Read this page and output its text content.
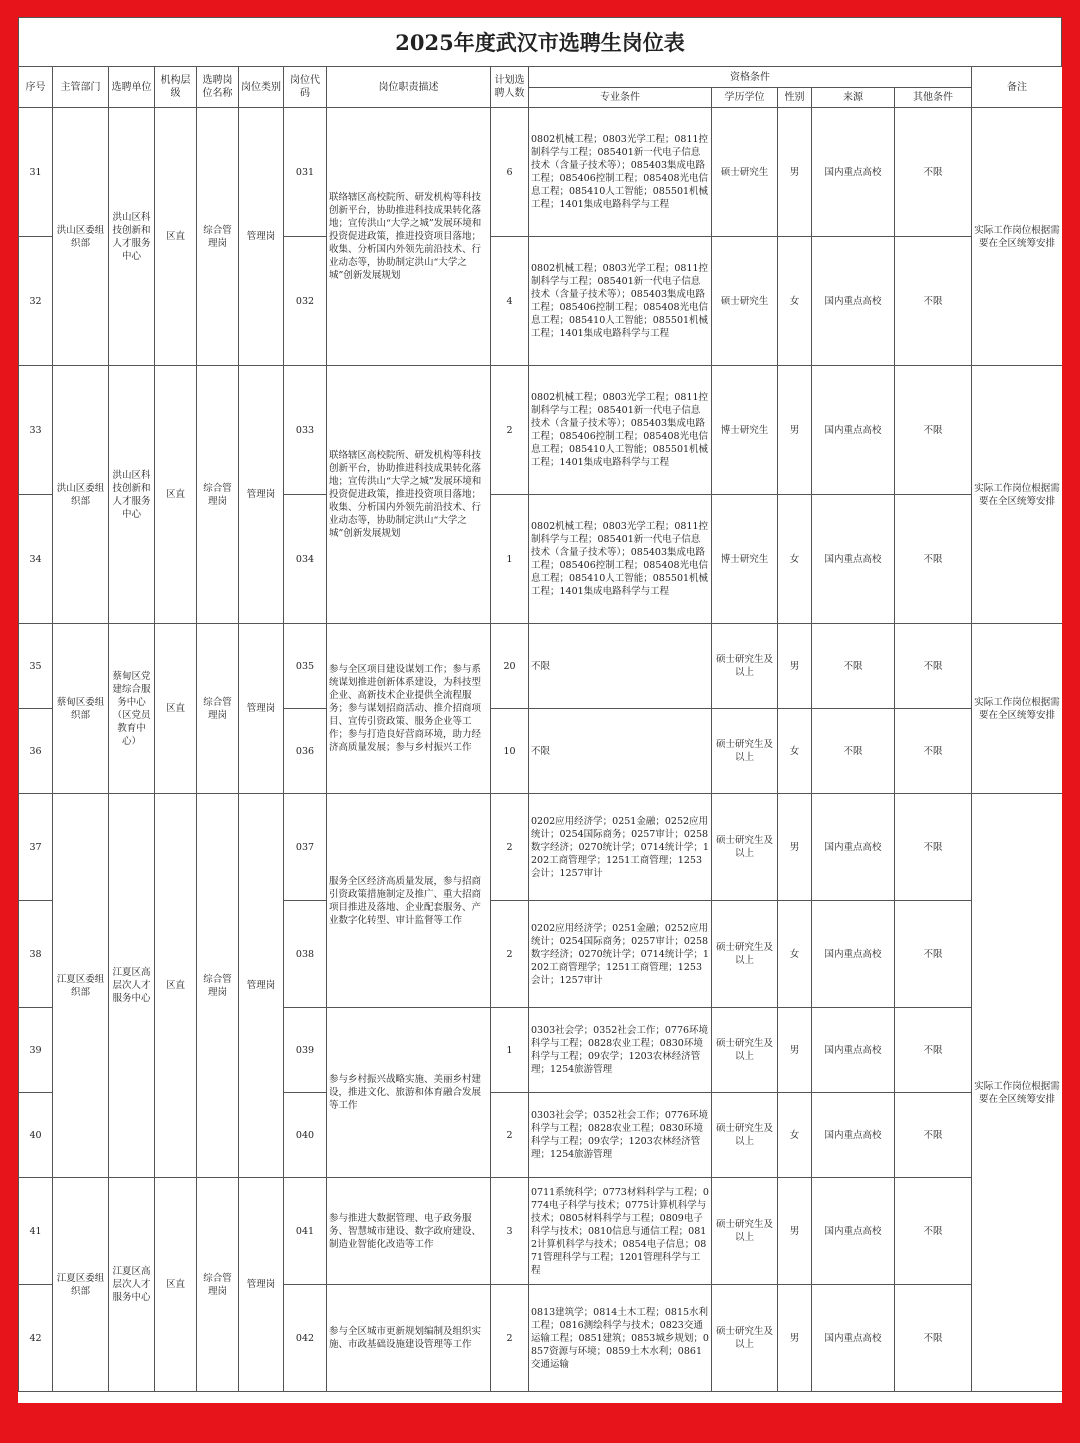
2025年度武汉市选聘生岗位表
序号	主管部门	选聘单位	机构层级	选聘岗位名称	岗位类别	岗位代码	岗位职责描述	计划选聘人数	资格条件					备注
									专业条件	学历学位	性别	来源	其他条件	
31	洪山区委组织部	洪山区科技创新和人才服务中心	区直	综合管理岗	管理岗	031	联络辖区高校院所、研发机构等科技创新平台，协助推进科技成果转化落地；宣传洪山“大学之城”发展环境和投资促进政策，推进投资项目落地；收集、分析国内外领先前沿技术、行业动态等，协助制定洪山“大学之城”创新发展规划	6	0802机械工程；0803光学工程；0811控制科学与工程；085401新一代电子信息技术（含量子技术等）；085403集成电路工程；085406控制工程；085408光电信息工程；085410人工智能；085501机械工程；1401集成电路科学与工程	硕士研究生	男	国内重点高校	不限	实际工作岗位根据需要在全区统筹安排
32						032		4	0802机械工程；0803光学工程；0811控制科学与工程；085401新一代电子信息技术（含量子技术等）；085403集成电路工程；085406控制工程；085408光电信息工程；085410人工智能；085501机械工程；1401集成电路科学与工程	硕士研究生	女	国内重点高校	不限	
33	洪山区委组织部	洪山区科技创新和人才服务中心	区直	综合管理岗	管理岗	033	联络辖区高校院所、研发机构等科技创新平台，协助推进科技成果转化落地；宣传洪山“大学之城”发展环境和投资促进政策，推进投资项目落地；收集、分析国内外领先前沿技术、行业动态等，协助制定洪山“大学之城”创新发展规划	2	0802机械工程；0803光学工程；0811控制科学与工程；085401新一代电子信息技术（含量子技术等）；085403集成电路工程；085406控制工程；085408光电信息工程；085410人工智能；085501机械工程；1401集成电路科学与工程	博士研究生	男	国内重点高校	不限	实际工作岗位根据需要在全区统筹安排
34						034		1	0802机械工程；0803光学工程；0811控制科学与工程；085401新一代电子信息技术（含量子技术等）；085403集成电路工程；085406控制工程；085408光电信息工程；085410人工智能；085501机械工程；1401集成电路科学与工程	博士研究生	女	国内重点高校	不限	
35	蔡甸区委组织部	蔡甸区党建综合服务中心（区党员教育中心）	区直	综合管理岗	管理岗	035	参与全区项目建设谋划工作；参与系统谋划推进创新体系建设，为科技型企业、高新技术企业提供全流程服务；参与谋划招商活动、推介招商项目、宣传引资政策、服务企业等工作；参与打造良好营商环境，助力经济高质量发展；参与乡村振兴工作	20	不限	硕士研究生及以上	男	不限	不限	实际工作岗位根据需要在全区统筹安排
36						036		10	不限	硕士研究生及以上	女	不限	不限	
37	江夏区委组织部	江夏区高层次人才服务中心	区直	综合管理岗	管理岗	037	服务全区经济高质量发展，参与招商引资政策措施制定及推广、重大招商项目推进及落地、企业配套服务、产业数字化转型、审计监督等工作	2	0202应用经济学；0251金融；0252应用统计；0254国际商务；0257审计；0258数字经济；0270统计学；0714统计学；1202工商管理学；1251工商管理；1253会计；1257审计	硕士研究生及以上	男	国内重点高校	不限	实际工作岗位根据需要在全区统筹安排
38						038		2	0202应用经济学；0251金融；0252应用统计；0254国际商务；0257审计；0258数字经济；0270统计学；0714统计学；1202工商管理学；1251工商管理；1253会计；1257审计	硕士研究生及以上	女	国内重点高校	不限	
39						039	参与乡村振兴战略实施、美丽乡村建设，推进文化、旅游和体育融合发展等工作	1	0303社会学；0352社会工作；0776环境科学与工程；0828农业工程；0830环境科学与工程；09农学；1203农林经济管理；1254旅游管理	硕士研究生及以上	男	国内重点高校	不限	
40						040		2	0303社会学；0352社会工作；0776环境科学与工程；0828农业工程；0830环境科学与工程；09农学；1203农林经济管理；1254旅游管理	硕士研究生及以上	女	国内重点高校	不限	
41	江夏区委组织部	江夏区高层次人才服务中心	区直	综合管理岗	管理岗	041	参与推进大数据管理、电子政务服务、智慧城市建设、数字政府建设、制造业智能化改造等工作	3	0711系统科学；0773材料科学与工程；0774电子科学与技术；0775计算机科学与技术；0805材料科学与工程；0809电子科学与技术；0810信息与通信工程；0812计算机科学与技术；0854电子信息；0871管理科学与工程；1201管理科学与工程	硕士研究生及以上	男	国内重点高校	不限	
42						042	参与全区城市更新规划编制及组织实施、市政基础设施建设管理等工作	2	0813建筑学；0814土木工程；0815水利工程；0816测绘科学与技术；0823交通运输工程；0851建筑；0853城乡规划；0857资源与环境；0859土木水利；0861交通运输	硕士研究生及以上	男	国内重点高校	不限	
